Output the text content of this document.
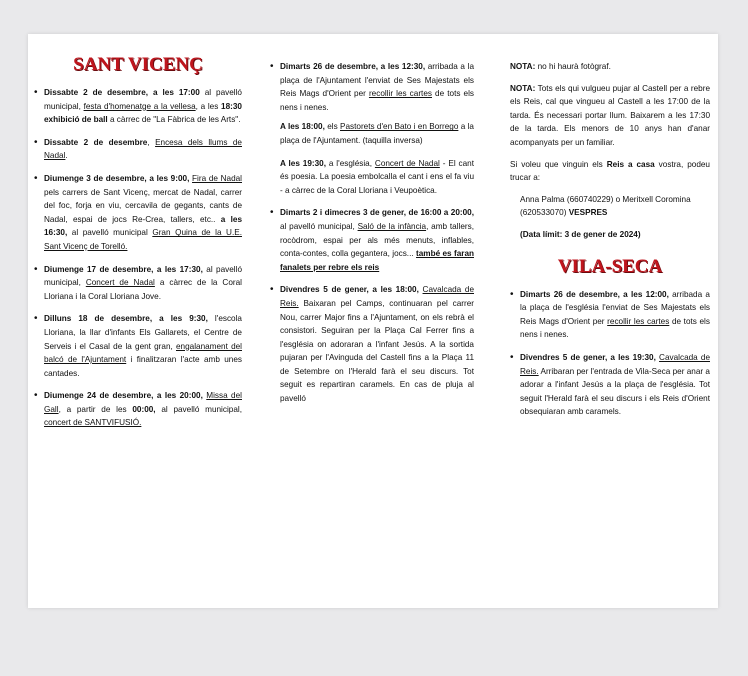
SANT VICENÇ
• Dissabte 2 de desembre, a les 17:00 al pavelló municipal, festa d'homenatge a la vellesa, a les 18:30 exhibició de ball a càrrec de "La Fàbrica de les Arts".
• Dissabte 2 de desembre, Encesa dels llums de Nadal.
• Diumenge 3 de desembre, a les 9:00, Fira de Nadal pels carrers de Sant Vicenç, mercat de Nadal, carrer del foc, forja en viu, cercavila de gegants, cants de Nadal, espai de jocs Re-Crea, tallers, etc.. a les 16:30, al pavelló municipal Gran Quina de la U.E. Sant Vicenç de Torelló.
• Diumenge 17 de desembre, a les 17:30, al pavelló municipal, Concert de Nadal a càrrec de la Coral Lloriana i la Coral Lloriana Jove.
• Dilluns 18 de desembre, a les 9:30, l'escola Lloriana, la llar d'infants Els Gallarets, el Centre de Serveis i el Casal de la gent gran, engalanament del balcó de l'Ajuntament i finalitzaran l'acte amb unes cantades.
• Diumenge 24 de desembre, a les 20:00, Missa del Gall, a partir de les 00:00, al pavelló municipal, concert de SANTVIFUSIÓ.
• Dimarts 26 de desembre, a les 12:30, arribada a la plaça de l'Ajuntament l'enviat de Ses Majestats els Reis Mags d'Orient per recollir les cartes de tots els nens i nenes.

A les 18:00, els Pastorets d'en Bato i en Borrego a la plaça de l'Ajuntament. (taquilla inversa)

A les 19:30, a l'església, Concert de Nadal - El cant és poesia. La poesia embolcalla el cant i ens el fa viu - a càrrec de la Coral Lloriana i Veupoètica.

• Dimarts 2 i dimecres 3 de gener, de 16:00 a 20:00, al pavelló municipal, Saló de la infància, amb tallers, rocòdrom, espai per als més menuts, inflables, conta-contes, colla gegantera, jocs... també es faran fanalets per rebre els reis
• Divendres 5 de gener, a les 18:00, Cavalcada de Reis. Baixaran pel Camps, continuaran pel carrer Nou, carrer Major fins a l'Ajuntament, on els rebrà el consistori. Seguiran per la Plaça Cal Ferrer fins a l'església on adoraran a l'infant Jesús. A la sortida pujaran per l'Avinguda del Castell fins a la Plaça 11 de Setembre on l'Herald farà el seu discurs. Tot seguit es repartiran caramels. En cas de pluja al pavelló

NOTA: no hi haurà fotògraf.

NOTA: Tots els qui vulgueu pujar al Castell per a rebre els Reis, cal que vingueu al Castell a les 17:00 de la tarda. És necessari portar llum. Baixarem a les 17:30 de la tarda. Els menors de 10 anys han d'anar acompanyats per un familiar.

Si voleu que vinguin els Reis a casa vostra, podeu trucar a:

Anna Palma (660740229) o Meritxell Coromina (620533070) VESPRES

(Data límit: 3 de gener de 2024)

VILA-SECA
• Dimarts 26 de desembre, a les 12:00, arribada a la plaça de l'església l'enviat de Ses Majestats els Reis Mags d'Orient per recollir les cartes de tots els nens i nenes.
• Divendres 5 de gener, a les 19:30, Cavalcada de Reis. Arribaran per l'entrada de Vila-Seca per anar a adorar a l'infant Jesús a la plaça de l'església. Tot seguit l'Herald farà el seu discurs i els Reis d'Orient obsequiaran amb caramels.
